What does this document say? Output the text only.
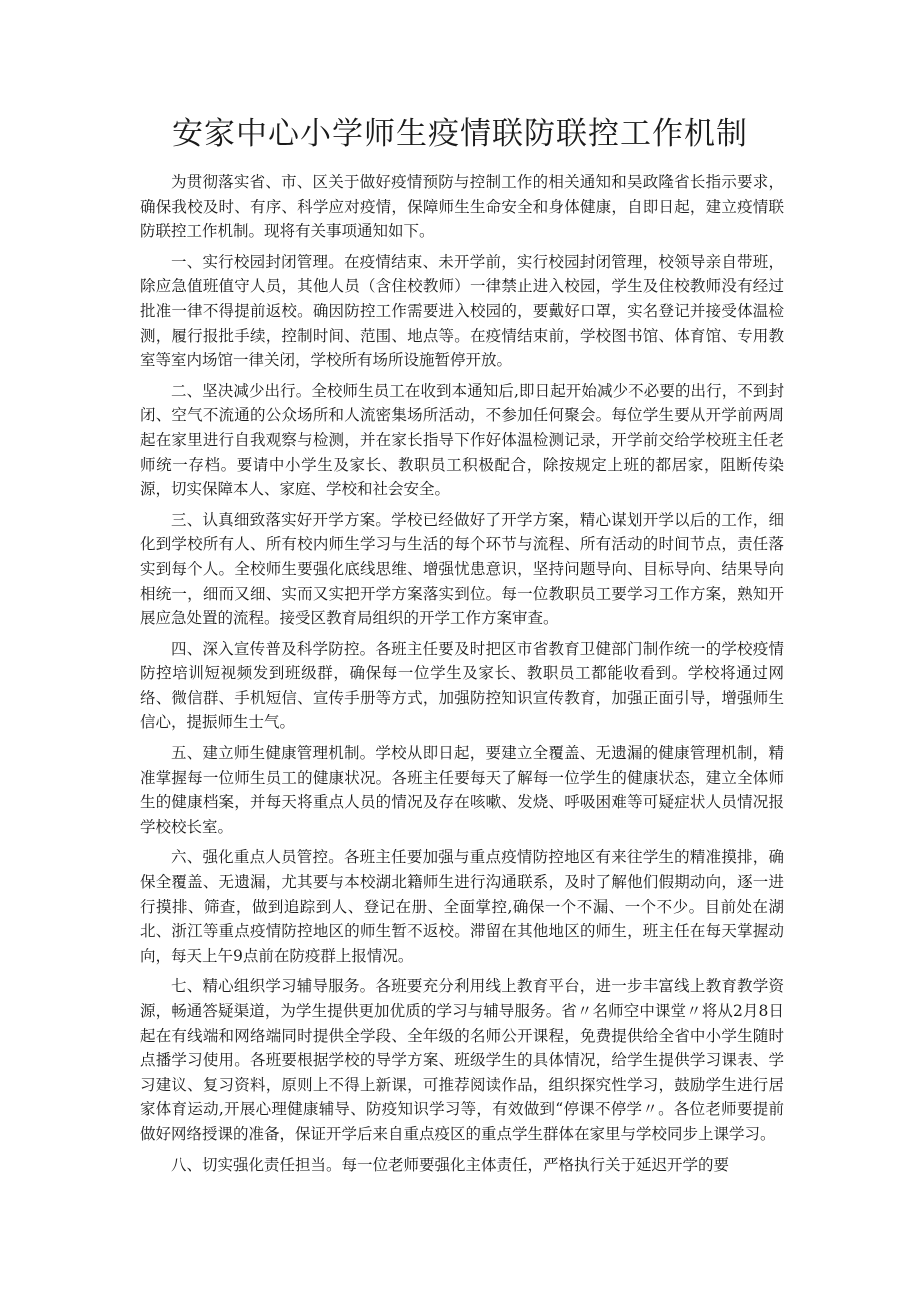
安家中心小学师生疫情联防联控工作机制

为贯彻落实省、市、区关于做好疫情预防与控制工作的相关通知和吴政隆省长指示要求，确保我校及时、有序、科学应对疫情，保障师生生命安全和身体健康，自即日起，建立疫情联防联控工作机制。现将有关事项通知如下。

一、实行校园封闭管理。在疫情结束、未开学前，实行校园封闭管理，校领导亲自带班，除应急值班值守人员，其他人员（含住校教师）一律禁止进入校园，学生及住校教师没有经过批准一律不得提前返校。确因防控工作需要进入校园的，要戴好口罩，实名登记并接受体温检测，履行报批手续，控制时间、范围、地点等。在疫情结束前，学校图书馆、体育馆、专用教室等室内场馆一律关闭，学校所有场所设施暂停开放。

二、坚决减少出行。全校师生员工在收到本通知后,即日起开始减少不必要的出行，不到封闭、空气不流通的公众场所和人流密集场所活动，不参加任何聚会。每位学生要从开学前两周起在家里进行自我观察与检测，并在家长指导下作好体温检测记录，开学前交给学校班主任老师统一存档。要请中小学生及家长、教职员工积极配合，除按规定上班的都居家，阻断传染源，切实保障本人、家庭、学校和社会安全。

三、认真细致落实好开学方案。学校已经做好了开学方案，精心谋划开学以后的工作，细化到学校所有人、所有校内师生学习与生活的每个环节与流程、所有活动的时间节点，责任落实到每个人。全校师生要强化底线思维、增强忧患意识，坚持问题导向、目标导向、结果导向相统一，细而又细、实而又实把开学方案落实到位。每一位教职员工要学习工作方案，熟知开展应急处置的流程。接受区教育局组织的开学工作方案审查。

四、深入宣传普及科学防控。各班主任要及时把区市省教育卫健部门制作统一的学校疫情防控培训短视频发到班级群，确保每一位学生及家长、教职员工都能收看到。学校将通过网络、微信群、手机短信、宣传手册等方式，加强防控知识宣传教育，加强正面引导，增强师生信心，提振师生士气。

五、建立师生健康管理机制。学校从即日起，要建立全覆盖、无遗漏的健康管理机制，精准掌握每一位师生员工的健康状况。各班主任要每天了解每一位学生的健康状态，建立全体师生的健康档案，并每天将重点人员的情况及存在咳嗽、发烧、呼吸困难等可疑症状人员情况报学校校长室。

六、强化重点人员管控。各班主任要加强与重点疫情防控地区有来往学生的精准摸排，确保全覆盖、无遗漏，尤其要与本校湖北籍师生进行沟通联系，及时了解他们假期动向，逐一进行摸排、筛查，做到追踪到人、登记在册、全面掌控,确保一个不漏、一个不少。目前处在湖北、浙江等重点疫情防控地区的师生暂不返校。滞留在其他地区的师生，班主任在每天掌握动向，每天上午9点前在防疫群上报情况。

七、精心组织学习辅导服务。各班要充分利用线上教育平台，进一步丰富线上教育教学资源，畅通答疑渠道，为学生提供更加优质的学习与辅导服务。省〃名师空中课堂〃将从2月8日起在有线端和网络端同时提供全学段、全年级的名师公开课程，免费提供给全省中小学生随时点播学习使用。各班要根据学校的导学方案、班级学生的具体情况，给学生提供学习课表、学习建议、复习资料，原则上不得上新课，可推荐阅读作品，组织探究性学习，鼓励学生进行居家体育运动,开展心理健康辅导、防疫知识学习等，有效做到“停课不停学〃。各位老师要提前做好网络授课的准备，保证开学后来自重点疫区的重点学生群体在家里与学校同步上课学习。

八、切实强化责任担当。每一位老师要强化主体责任，严格执行关于延迟开学的要
